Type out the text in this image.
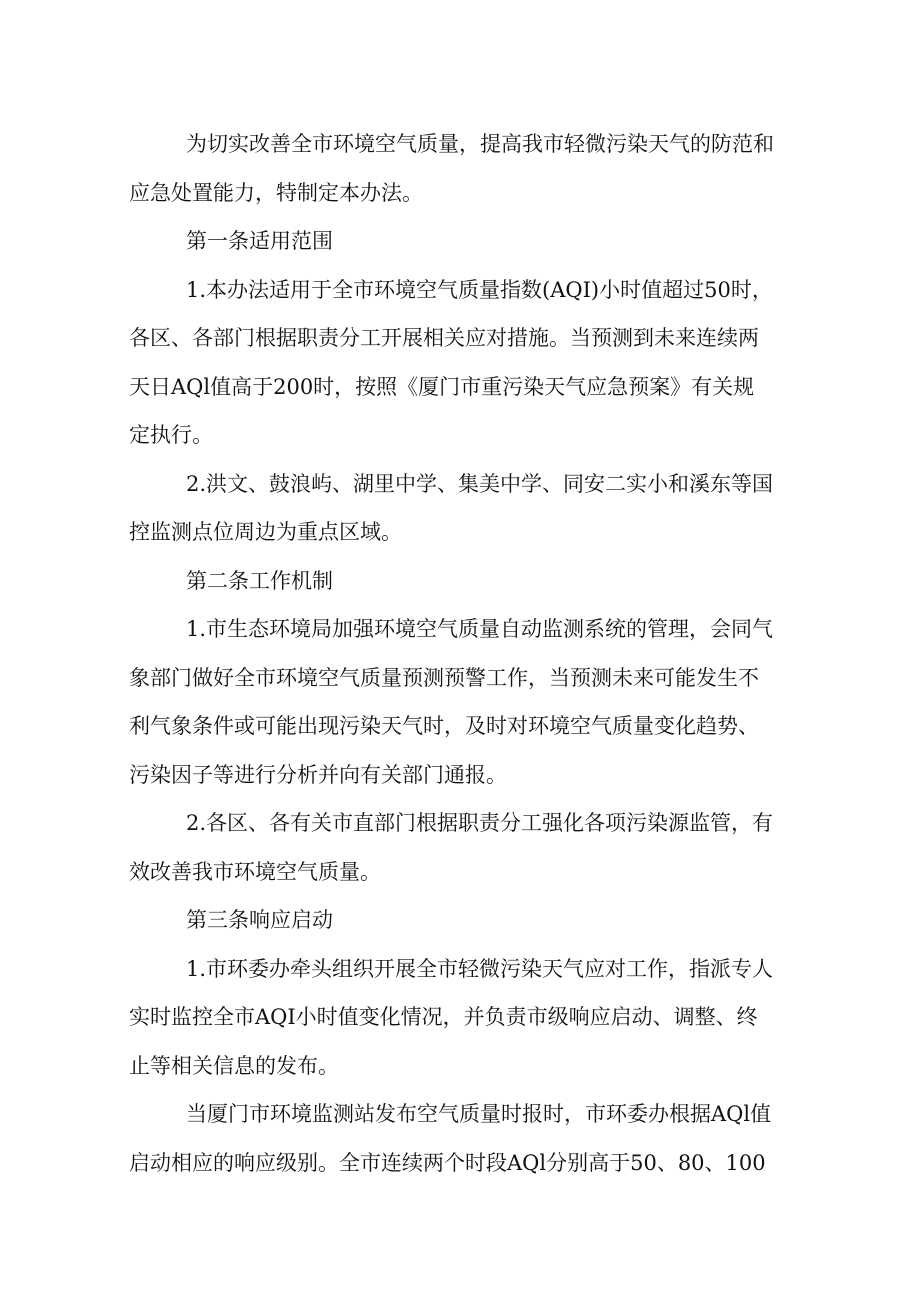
为切实改善全市环境空气质量，提高我市轻微污染天气的防范和
应急处置能力，特制定本办法。
第一条适用范围
1.本办法适用于全市环境空气质量指数(AQI)小时值超过50时，
各区、各部门根据职责分工开展相关应对措施。当预测到未来连续两
天日AQl值高于200时，按照《厦门市重污染天气应急预案》有关规
定执行。
2.洪文、鼓浪屿、湖里中学、集美中学、同安二实小和溪东等国
控监测点位周边为重点区域。
第二条工作机制
1.市生态环境局加强环境空气质量自动监测系统的管理，会同气
象部门做好全市环境空气质量预测预警工作，当预测未来可能发生不
利气象条件或可能出现污染天气时，及时对环境空气质量变化趋势、
污染因子等进行分析并向有关部门通报。
2.各区、各有关市直部门根据职责分工强化各项污染源监管，有
效改善我市环境空气质量。
第三条响应启动
1.市环委办牵头组织开展全市轻微污染天气应对工作，指派专人
实时监控全市AQI小时值变化情况，并负责市级响应启动、调整、终
止等相关信息的发布。
当厦门市环境监测站发布空气质量时报时，市环委办根据AQl值
启动相应的响应级别。全市连续两个时段AQl分别高于50、80、100
